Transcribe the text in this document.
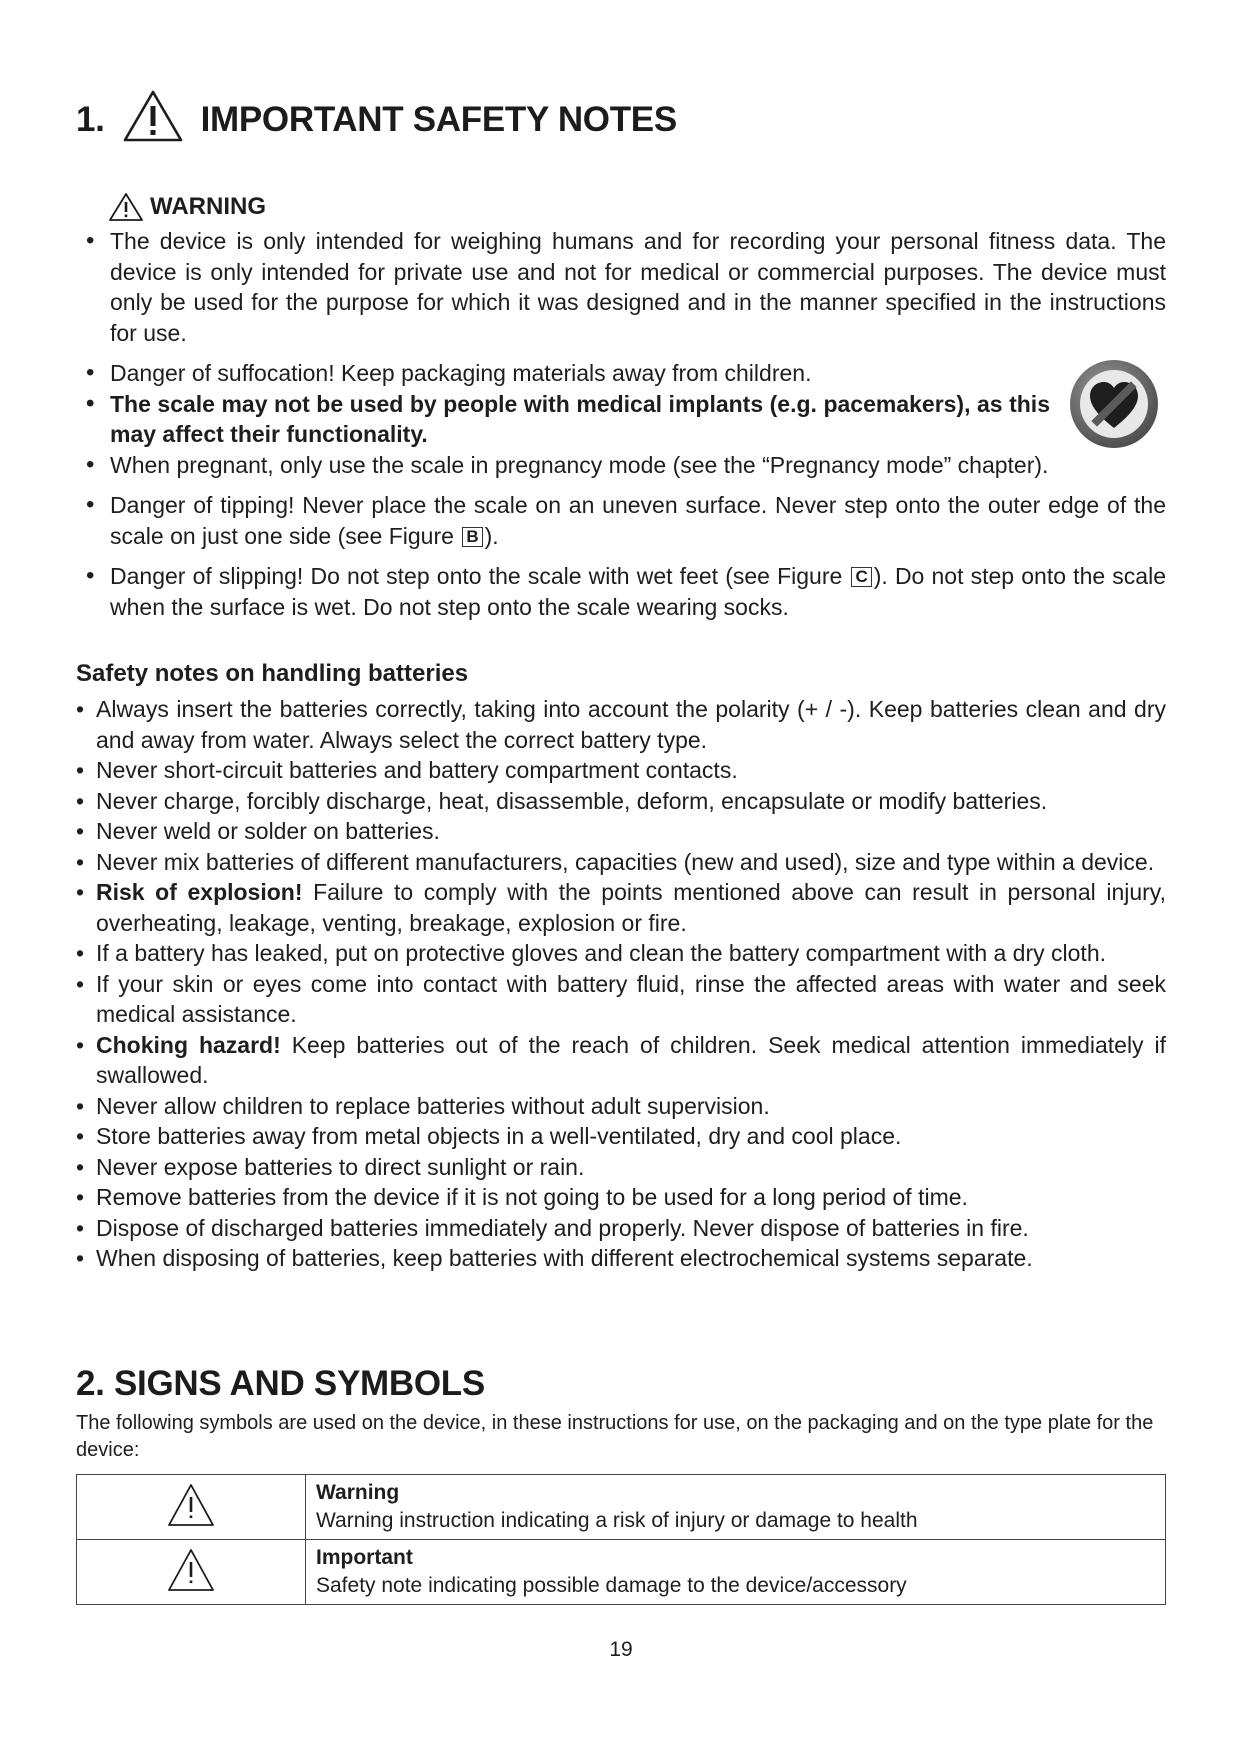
1.	IMPORTANT SAFETY NOTES
WARNING
• The device is only intended for weighing humans and for recording your personal fitness data. The device is only intended for private use and not for medical or commercial purposes. The device must only be used for the purpose for which it was designed and in the manner specified in the instructions for use.
• Danger of suffocation! Keep packaging materials away from children.
• The scale may not be used by people with medical implants (e.g. pacemakers), as this may affect their functionality.
• When pregnant, only use the scale in pregnancy mode (see the “Pregnancy mode” chapter).
• Danger of tipping! Never place the scale on an uneven surface. Never step onto the outer edge of the scale on just one side (see Figure B ).
• Danger of slipping! Do not step onto the scale with wet feet (see Figure C ). Do not step onto the scale when the surface is wet. Do not step onto the scale wearing socks.
Safety notes on handling batteries
• Always insert the batteries correctly, taking into account the polarity (+ / -). Keep batteries clean and dry and away from water. Always select the correct battery type.
• Never short-circuit batteries and battery compartment contacts.
• Never charge, forcibly discharge, heat, disassemble, deform, encapsulate or modify batteries.
• Never weld or solder on batteries.
• Never mix batteries of different manufacturers, capacities (new and used), size and type within a device.
• Risk of explosion! Failure to comply with the points mentioned above can result in personal injury, overheating, leakage, venting, breakage, explosion or fire.
• If a battery has leaked, put on protective gloves and clean the battery compartment with a dry cloth.
• If your skin or eyes come into contact with battery fluid, rinse the affected areas with water and seek medical assistance.
• Choking hazard! Keep batteries out of the reach of children. Seek medical attention immediately if swallowed.
• Never allow children to replace batteries without adult supervision.
• Store batteries away from metal objects in a well-ventilated, dry and cool place.
• Never expose batteries to direct sunlight or rain.
• Remove batteries from the device if it is not going to be used for a long period of time.
• Dispose of discharged batteries immediately and properly. Never dispose of batteries in fire.
• When disposing of batteries, keep batteries with different electrochemical systems separate.
2. SIGNS AND SYMBOLS
The following symbols are used on the device, in these instructions for use, on the packaging and on the type plate for the device:

Warning
Warning instruction indicating a risk of injury or damage to health

Important
Safety note indicating possible damage to the device/accessory
19
